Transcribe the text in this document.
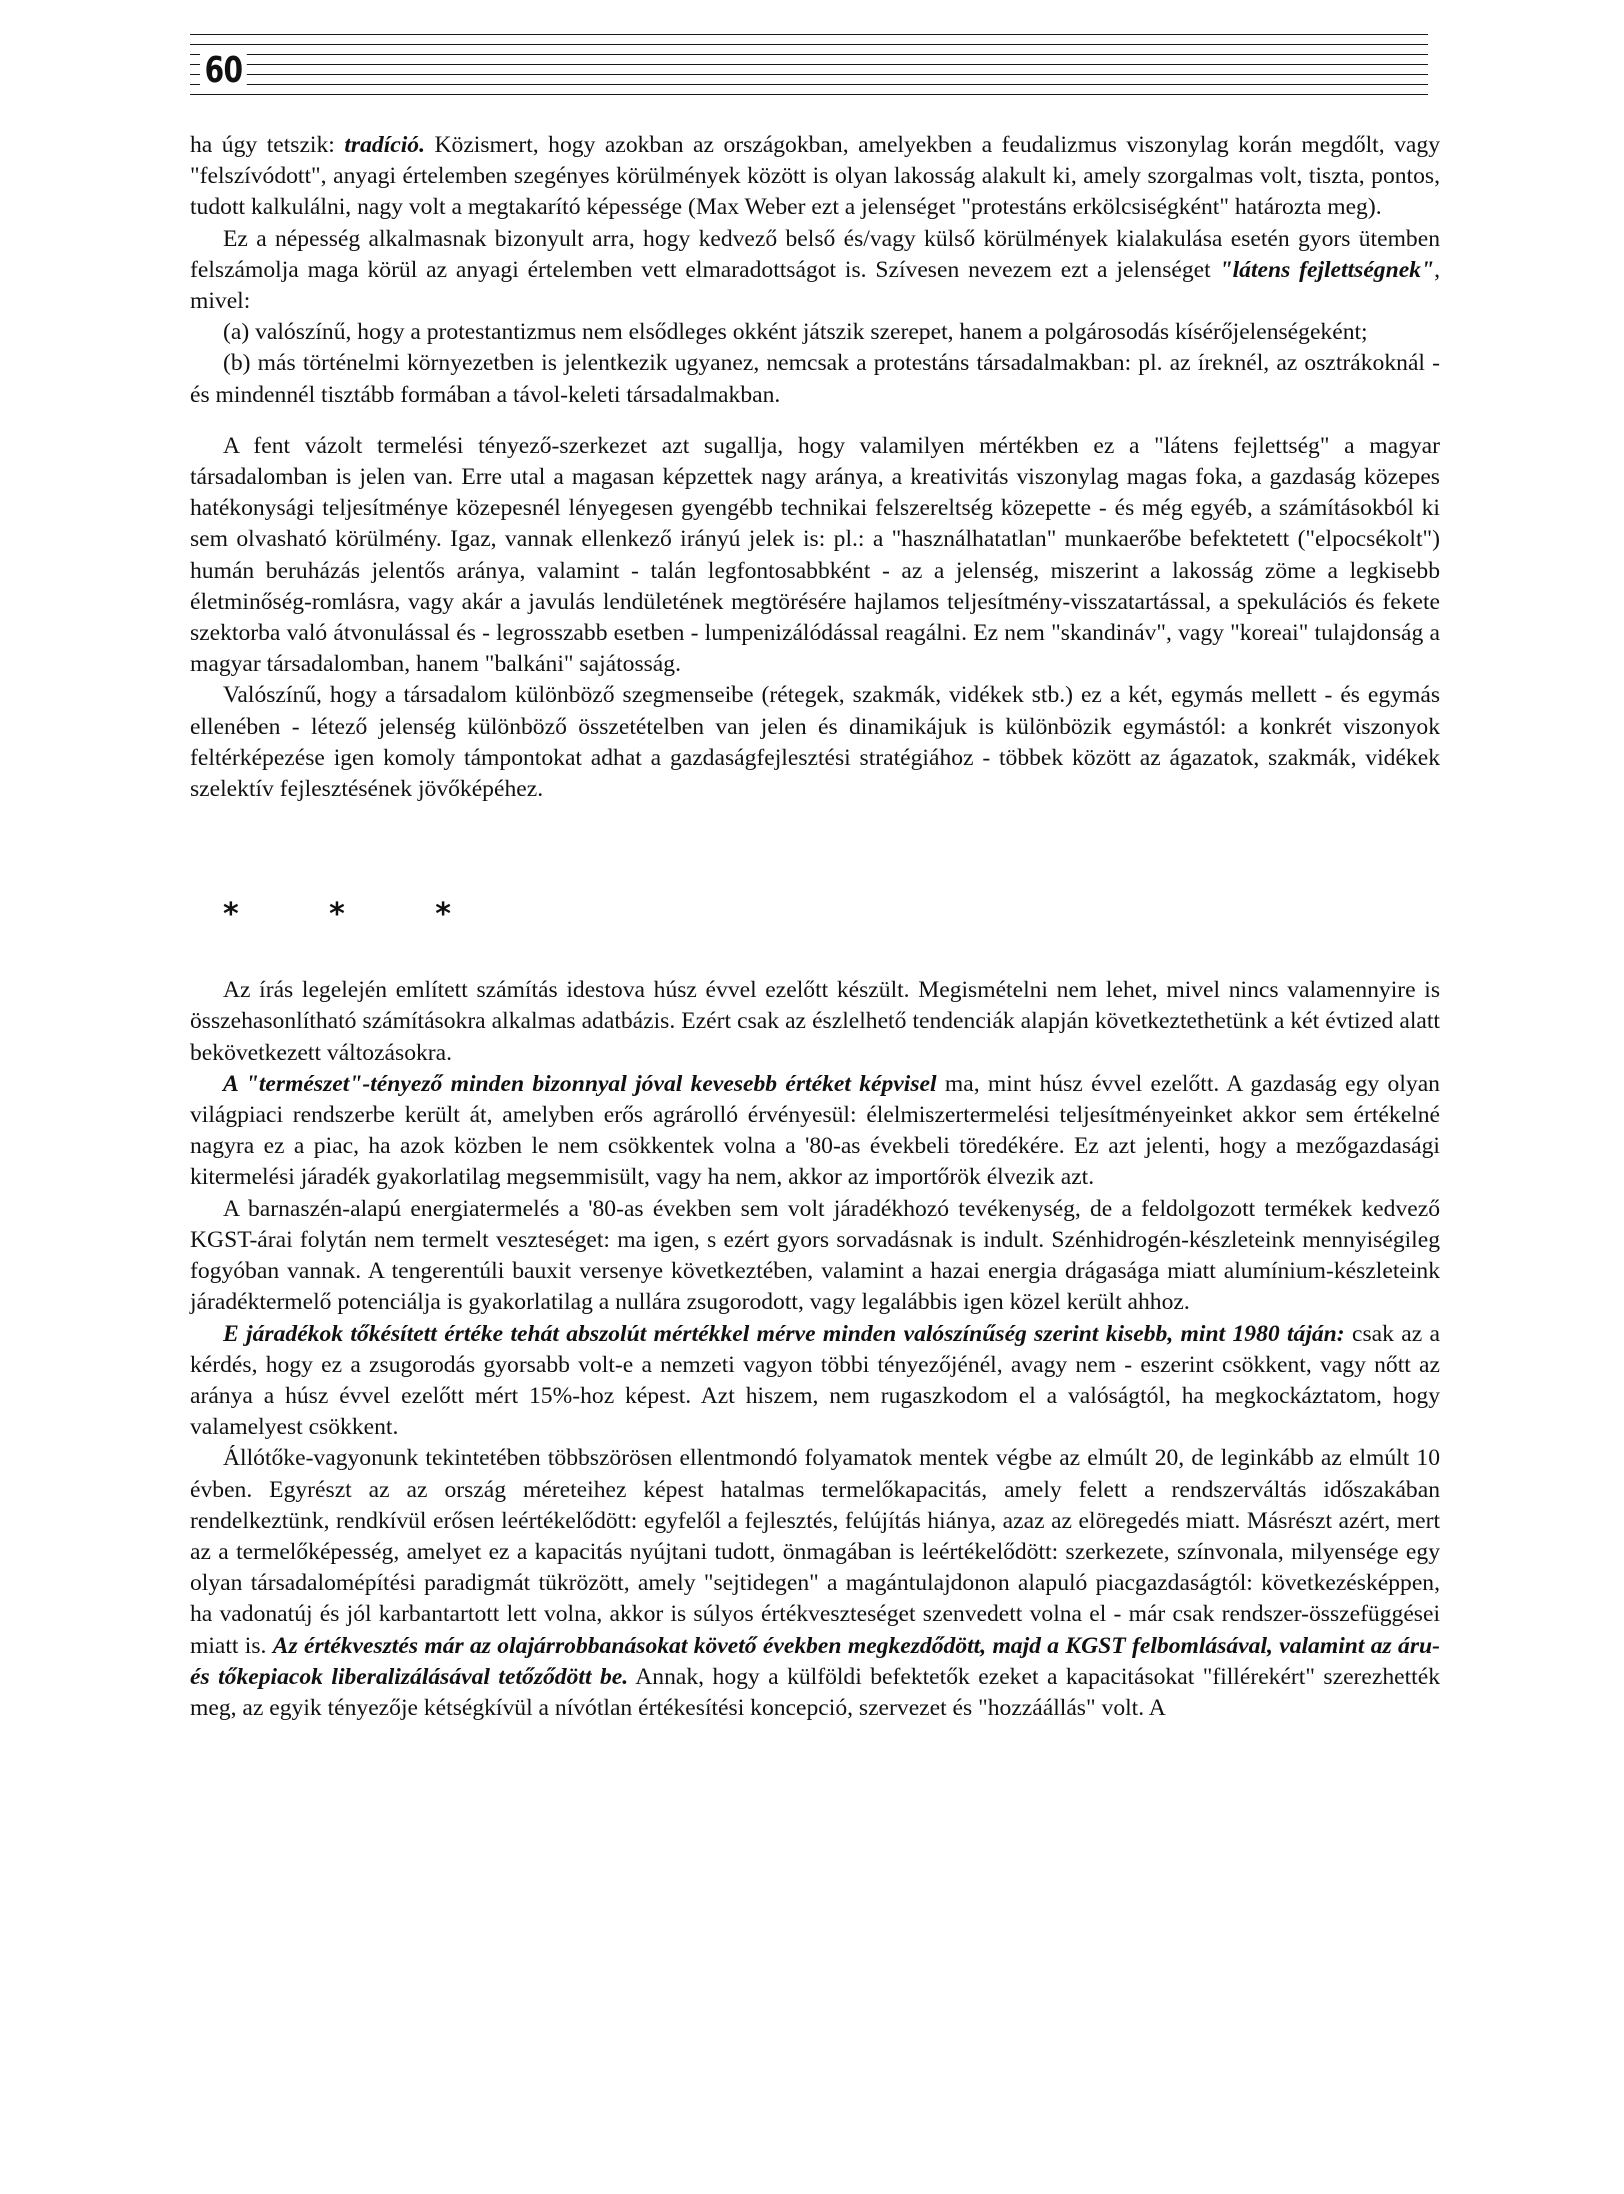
60

ha úgy tetszik: tradíció. Közismert, hogy azokban az országokban, amelyekben a feudalizmus viszonylag korán megdőlt, vagy "felszívódott", anyagi értelemben szegényes körülmények között is olyan lakosság alakult ki, amely szorgalmas volt, tiszta, pontos, tudott kalkulálni, nagy volt a megtakarító képessége (Max Weber ezt a jelenséget "protestáns erkölcsiségként" határozta meg).

Ez a népesség alkalmasnak bizonyult arra, hogy kedvező belső és/vagy külső körülmények kialakulása esetén gyors ütemben felszámolja maga körül az anyagi értelemben vett elmaradottságot is. Szívesen nevezem ezt a jelenséget "látens fejlettségnek", mivel:

(a) valószínű, hogy a protestantizmus nem elsődleges okként játszik szerepet, hanem a polgárosodás kísérőjelenségeként;

(b) más történelmi környezetben is jelentkezik ugyanez, nemcsak a protestáns társadalmakban: pl. az íreknél, az osztrákoknál - és mindennél tisztább formában a távol-keleti társadalmakban.

A fent vázolt termelési tényező-szerkezet azt sugallja, hogy valamilyen mértékben ez a "látens fejlettség" a magyar társadalomban is jelen van. Erre utal a magasan képzettek nagy aránya, a kreativitás viszonylag magas foka, a gazdaság közepes hatékonysági teljesítménye közepesnél lényegesen gyengébb technikai felszereltség közepette - és még egyéb, a számításokból ki sem olvasható körülmény. Igaz, vannak ellenkező irányú jelek is: pl.: a "használhatatlan" munkaerőbe befektetett ("elpocsékolt") humán beruházás jelentős aránya, valamint - talán legfontosabbként - az a jelenség, miszerint a lakosság zöme a legkisebb életminőség-romlásra, vagy akár a javulás lendületének megtörésére hajlamos teljesítmény-visszatartással, a spekulációs és fekete szektorba való átvonulással és - legrosszabb esetben - lumpenizálódással reagálni. Ez nem "skandináv", vagy "koreai" tulajdonság a magyar társadalomban, hanem "balkáni" sajátosság.

Valószínű, hogy a társadalom különböző szegmenseibe (rétegek, szakmák, vidékek stb.) ez a két, egymás mellett - és egymás ellenében - létező jelenség különböző összetételben van jelen és dinamikájuk is különbözik egymástól: a konkrét viszonyok feltérképezése igen komoly támpontokat adhat a gazdaságfejlesztési stratégiához - többek között az ágazatok, szakmák, vidékek szelektív fejlesztésének jövőképéhez.

* * *

Az írás legelején említett számítás idestova húsz évvel ezelőtt készült. Megismételni nem lehet, mivel nincs valamennyire is összehasonlítható számításokra alkalmas adatbázis. Ezért csak az észlelhető tendenciák alapján következtethetünk a két évtized alatt bekövetkezett változásokra.

A "természet"-tényező minden bizonnyal jóval kevesebb értéket képvisel ma, mint húsz évvel ezelőtt. A gazdaság egy olyan világpiaci rendszerbe került át, amelyben erős agrárolló érvényesül: élelmiszertermelési teljesítményeinket akkor sem értékelné nagyra ez a piac, ha azok közben le nem csökkentek volna a '80-as évekbeli töredékére. Ez azt jelenti, hogy a mezőgazdasági kitermelési járadék gyakorlatilag megsemmisült, vagy ha nem, akkor az importőrök élvezik azt.

A barnaszén-alapú energiatermelés a '80-as években sem volt járadékhozó tevékenység, de a feldolgozott termékek kedvező KGST-árai folytán nem termelt veszteséget: ma igen, s ezért gyors sorvadásnak is indult. Szénhidrogén-készleteink mennyiségileg fogyóban vannak. A tengerentúli bauxit versenye következtében, valamint a hazai energia drágasága miatt alumínium-készleteink járadéktermelő potenciálja is gyakorlatilag a nullára zsugorodott, vagy legalábbis igen közel került ahhoz.

E járadékok tőkésített értéke tehát abszolút mértékkel mérve minden valószínűség szerint kisebb, mint 1980 táján: csak az a kérdés, hogy ez a zsugorodás gyorsabb volt-e a nemzeti vagyon többi tényezőjénél, avagy nem - eszerint csökkent, vagy nőtt az aránya a húsz évvel ezelőtt mért 15%-hoz képest. Azt hiszem, nem rugaszkodom el a valóságtól, ha megkockáztatom, hogy valamelyest csökkent.

Állótőke-vagyonunk tekintetében többszörösen ellentmondó folyamatok mentek végbe az elmúlt 20, de leginkább az elmúlt 10 évben. Egyrészt az az ország méreteihez képest hatalmas termelőkapacitás, amely felett a rendszerváltás időszakában rendelkeztünk, rendkívül erősen leértékelődött: egyfelől a fejlesztés, felújítás hiánya, azaz az elöregedés miatt. Másrészt azért, mert az a termelőképesség, amelyet ez a kapacitás nyújtani tudott, önmagában is leértékelődött: szerkezete, színvonala, milyensége egy olyan társadalomépítési paradigmát tükrözött, amely "sejtidegen" a magántulajdonon alapuló piacgazdaságtól: következésképpen, ha vadonatúj és jól karbantartott lett volna, akkor is súlyos értékveszteséget szenvedett volna el - már csak rendszer-összefüggései miatt is. Az értékvesztés már az olajárrobbanásokat követő években megkezdődött, majd a KGST felbomlásával, valamint az áru- és tőkepiacok liberalizálásával tetőződött be. Annak, hogy a külföldi befektetők ezeket a kapacitásokat "fillérekért" szerezhették meg, az egyik tényezője kétségkívül a nívótlan értékesítési koncepció, szervezet és "hozzáállás" volt. A
